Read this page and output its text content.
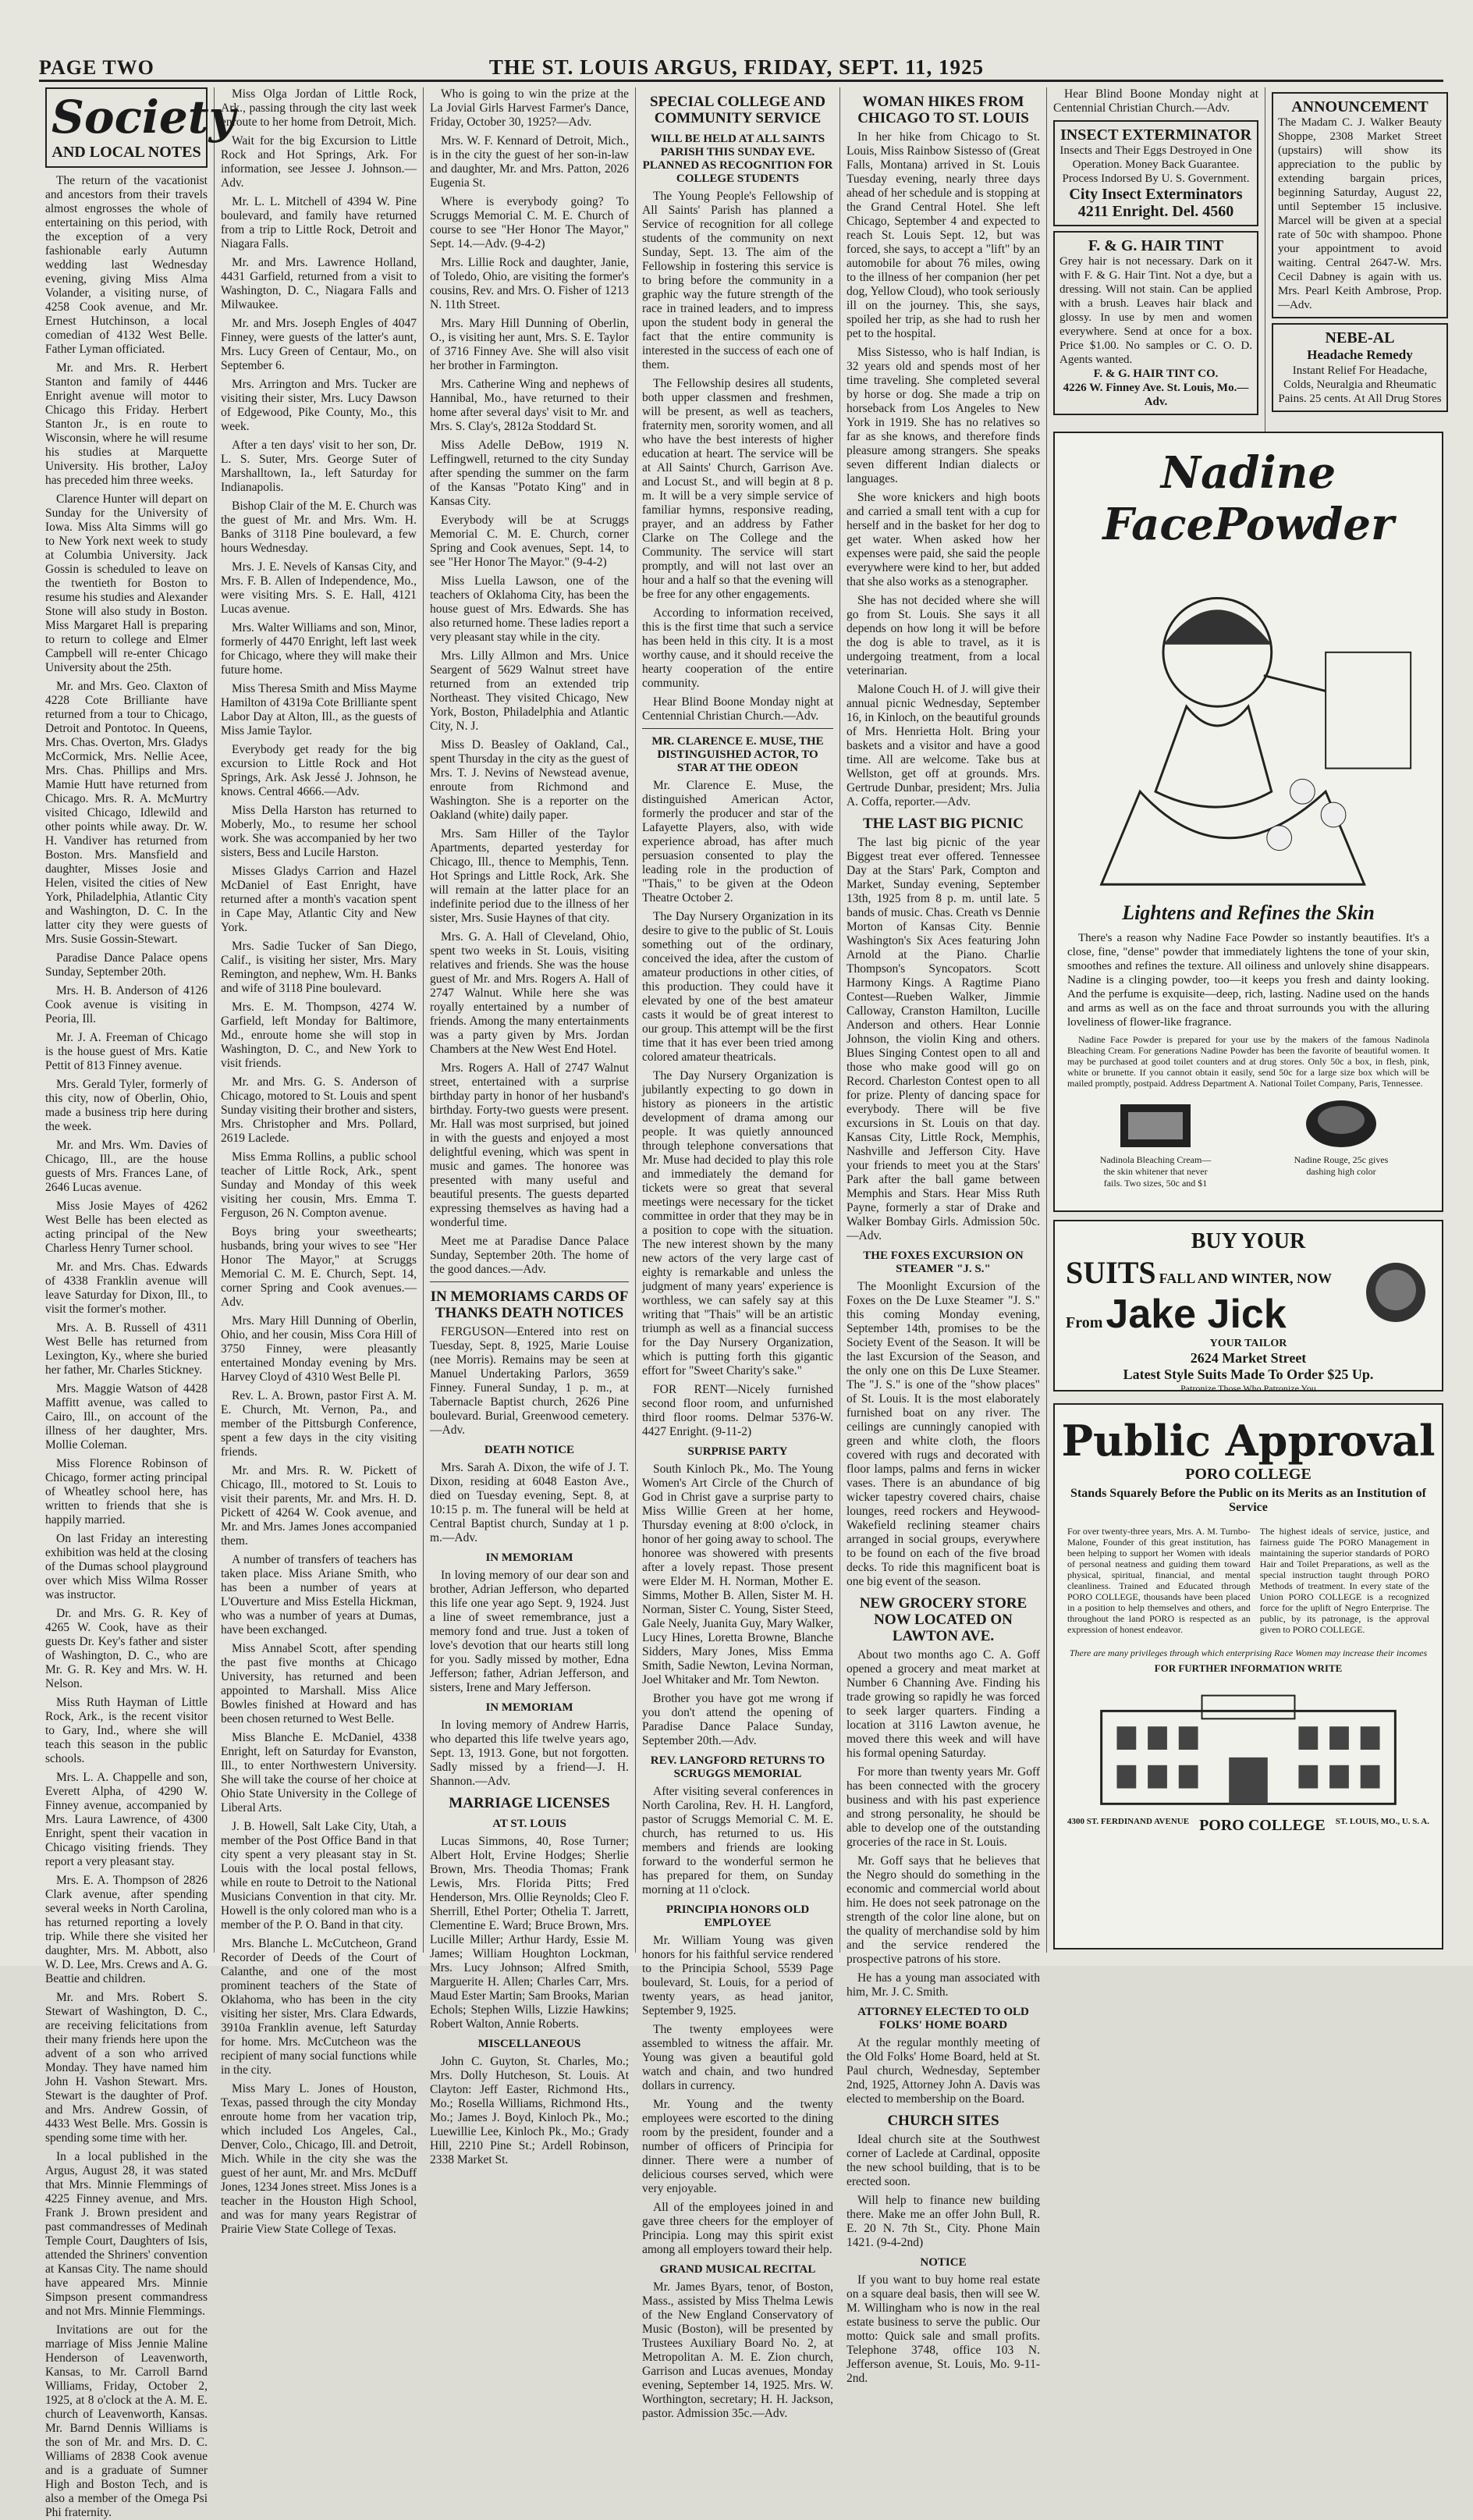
PAGE TWO	THE ST. LOUIS ARGUS, FRIDAY, SEPT. 11, 1925
Society
AND LOCAL NOTES

The return of the vacationist and ancestors from their travels almost engrosses the whole of entertaining on this period, with the exception of a very fashionable early Autumn wedding last Wednesday evening, giving Miss Alma Volander, a visiting nurse, of 4258 Cook avenue, and Mr. Ernest Hutchinson, a local comedian of 4132 West Belle. Father Lyman officiated.

Mr. and Mrs. R. Herbert Stanton and family of 4446 Enright avenue will motor to Chicago this Friday. Herbert Stanton Jr., is en route to Wisconsin, where he will resume his studies at Marquette University. His brother, LaJoy has preceded him three weeks.

Clarence Hunter will depart on Sunday for the University of Iowa. Miss Alta Simms will go to New York next week to study at Columbia University. Jack Gossin is scheduled to leave on the twentieth for Boston to resume his studies and Alexander Stone will also study in Boston. Miss Margaret Hall is preparing to return to college and Elmer Campbell will re-enter Chicago University about the 25th.

Mr. and Mrs. Geo. Claxton of 4228 Cote Brilliante have returned from a tour to Chicago, Detroit and Pontotoc. In Queens, Mrs. Chas. Overton, Mrs. Gladys McCormick, Mrs. Nellie Acee, Mrs. Chas. Phillips and Mrs. Mamie Hutt have returned from Chicago. Mrs. R. A. McMurtry visited Chicago, Idlewild and other points while away. Dr. W. H. Vandiver has returned from Boston. Mrs. Mansfield and daughter, Misses Josie and Helen, visited the cities of New York, Philadelphia, Atlantic City and Washington, D. C. In the latter city they were guests of Mrs. Susie Gossin-Stewart.

Paradise Dance Palace opens Sunday, September 20th.

Mrs. H. B. Anderson of 4126 Cook avenue is visiting in Peoria, Ill.

Mr. J. A. Freeman of Chicago is the house guest of Mrs. Katie Pettit of 813 Finney avenue.

Mrs. Gerald Tyler, formerly of this city, now of Oberlin, Ohio, made a business trip here during the week.

Mr. and Mrs. Wm. Davies of Chicago, Ill., are the house guests of Mrs. Frances Lane, of 2646 Lucas avenue.

Miss Josie Mayes of 4262 West Belle has been elected as acting principal of the New Charless Henry Turner school.

Mr. and Mrs. Chas. Edwards of 4338 Franklin avenue will leave Saturday for Dixon, Ill., to visit the former's mother.

Mrs. A. B. Russell of 4311 West Belle has returned from Lexington, Ky., where she buried her father, Mr. Charles Stickney.

Mrs. Maggie Watson of 4428 Maffitt avenue, was called to Cairo, Ill., on account of the illness of her daughter, Mrs. Mollie Coleman.

Miss Florence Robinson of Chicago, former acting principal of Wheatley school here, has written to friends that she is happily married.

On last Friday an interesting exhibition was held at the closing of the Dumas school playground over which Miss Wilma Rosser was instructor.

Dr. and Mrs. G. R. Key of 4265 W. Cook, have as their guests Dr. Key's father and sister of Washington, D. C., who are Mr. G. R. Key and Mrs. W. H. Nelson.

Miss Ruth Hayman of Little Rock, Ark., is the recent visitor to Gary, Ind., where she will teach this season in the public schools.

Mrs. L. A. Chappelle and son, Everett Alpha, of 4290 W. Finney avenue, accompanied by Mrs. Laura Lawrence, of 4300 Enright, spent their vacation in Chicago visiting friends. They report a very pleasant stay.

Mrs. E. A. Thompson of 2826 Clark avenue, after spending several weeks in North Carolina, has returned reporting a lovely trip. While there she visited her daughter, Mrs. M. Abbott, also W. D. Lee, Mrs. Crews and A. G. Beattie and children.

Mr. and Mrs. Robert S. Stewart of Washington, D. C., are receiving felicitations from their many friends here upon the advent of a son who arrived Monday. They have named him John H. Vashon Stewart. Mrs. Stewart is the daughter of Prof. and Mrs. Andrew Gossin, of 4433 West Belle. Mrs. Gossin is spending some time with her.

In a local published in the Argus, August 28, it was stated that Mrs. Minnie Flemmings of 4225 Finney avenue, and Mrs. Frank J. Brown president and past commandresses of Medinah Temple Court, Daughters of Isis, attended the Shriners' convention at Kansas City. The name should have appeared Mrs. Minnie Simpson present commandress and not Mrs. Minnie Flemmings.

Invitations are out for the marriage of Miss Jennie Maline Henderson of Leavenworth, Kansas, to Mr. Carroll Barnd Williams, Friday, October 2, 1925, at 8 o'clock at the A. M. E. church of Leavenworth, Kansas. Mr. Barnd Dennis Williams is the son of Mr. and Mrs. D. C. Williams of 2838 Cook avenue and is a graduate of Sumner High and Boston Tech, and is also a member of the Omega Psi Phi fraternity.

Miss Olga Jordan of Little Rock, Ark., passing through the city last week enroute to her home from Detroit, Mich.

Wait for the big Excursion to Little Rock and Hot Springs, Ark. For information, see Jessee J. Johnson.—Adv.

Mr. L. L. Mitchell of 4394 W. Pine boulevard, and family have returned from a trip to Little Rock, Detroit and Niagara Falls.

Mr. and Mrs. Lawrence Holland, 4431 Garfield, returned from a visit to Washington, D. C., Niagara Falls and Milwaukee.

Mr. and Mrs. Joseph Engles of 4047 Finney, were guests of the latter's aunt, Mrs. Lucy Green of Centaur, Mo., on September 6.

Mrs. Arrington and Mrs. Tucker are visiting their sister, Mrs. Lucy Dawson of Edgewood, Pike County, Mo., this week.

After a ten days' visit to her son, Dr. L. S. Suter, Mrs. George Suter of Marshalltown, Ia., left Saturday for Indianapolis.

Bishop Clair of the M. E. Church was the guest of Mr. and Mrs. Wm. H. Banks of 3118 Pine boulevard, a few hours Wednesday.

Mrs. J. E. Nevels of Kansas City, and Mrs. F. B. Allen of Independence, Mo., were visiting Mrs. S. E. Hall, 4121 Lucas avenue.

Mrs. Walter Williams and son, Minor, formerly of 4470 Enright, left last week for Chicago, where they will make their future home.

Miss Theresa Smith and Miss Mayme Hamilton of 4319a Cote Brilliante spent Labor Day at Alton, Ill., as the guests of Miss Jamie Taylor.

Everybody get ready for the big excursion to Little Rock and Hot Springs, Ark. Ask Jessé J. Johnson, he knows. Central 4666.—Adv.

Miss Della Harston has returned to Moberly, Mo., to resume her school work. She was accompanied by her two sisters, Bess and Lucile Harston.

Misses Gladys Carrion and Hazel McDaniel of East Enright, have returned after a month's vacation spent in Cape May, Atlantic City and New York.

Mrs. Sadie Tucker of San Diego, Calif., is visiting her sister, Mrs. Mary Remington, and nephew, Wm. H. Banks and wife of 3118 Pine boulevard.

Mrs. E. M. Thompson, 4274 W. Garfield, left Monday for Baltimore, Md., enroute home she will stop in Washington, D. C., and New York to visit friends.

Mr. and Mrs. G. S. Anderson of Chicago, motored to St. Louis and spent Sunday visiting their brother and sisters, Mrs. Christopher and Mrs. Pollard, 2619 Laclede.

Miss Emma Rollins, a public school teacher of Little Rock, Ark., spent Sunday and Monday of this week visiting her cousin, Mrs. Emma T. Ferguson, 26 N. Compton avenue.

Boys bring your sweethearts; husbands, bring your wives to see "Her Honor The Mayor," at Scruggs Memorial C. M. E. Church, Sept. 14, corner Spring and Cook avenues.—Adv.

Mrs. Mary Hill Dunning of Oberlin, Ohio, and her cousin, Miss Cora Hill of 3750 Finney, were pleasantly entertained Monday evening by Mrs. Harvey Cloyd of 4310 West Belle Pl.

Rev. L. A. Brown, pastor First A. M. E. Church, Mt. Vernon, Pa., and member of the Pittsburgh Conference, spent a few days in the city visiting friends.

Mr. and Mrs. R. W. Pickett of Chicago, Ill., motored to St. Louis to visit their parents, Mr. and Mrs. H. D. Pickett of 4264 W. Cook avenue, and Mr. and Mrs. James Jones accompanied them.

A number of transfers of teachers has taken place. Miss Ariane Smith, who has been a number of years at L'Ouverture and Miss Estella Hickman, who was a number of years at Dumas, have been exchanged.

Miss Annabel Scott, after spending the past five months at Chicago University, has returned and been appointed to Marshall. Miss Alice Bowles finished at Howard and has been chosen returned to West Belle.

Miss Blanche E. McDaniel, 4338 Enright, left on Saturday for Evanston, Ill., to enter Northwestern University. She will take the course of her choice at Ohio State University in the College of Liberal Arts.

J. B. Howell, Salt Lake City, Utah, a member of the Post Office Band in that city spent a very pleasant stay in St. Louis with the local postal fellows, while en route to Detroit to the National Musicians Convention in that city. Mr. Howell is the only colored man who is a member of the P. O. Band in that city.

Mrs. Blanche L. McCutcheon, Grand Recorder of Deeds of the Court of Calanthe, and one of the most prominent teachers of the State of Oklahoma, who has been in the city visiting her sister, Mrs. Clara Edwards, 3910a Franklin avenue, left Saturday for home. Mrs. McCutcheon was the recipient of many social functions while in the city.

Miss Mary L. Jones of Houston, Texas, passed through the city Monday enroute home from her vacation trip, which included Los Angeles, Cal., Denver, Colo., Chicago, Ill. and Detroit, Mich. While in the city she was the guest of her aunt, Mr. and Mrs. McDuff Jones, 1234 Jones street. Miss Jones is a teacher in the Houston High School, and was for many years Registrar of Prairie View State College of Texas.

Who is going to win the prize at the La Jovial Girls Harvest Farmer's Dance, Friday, October 30, 1925?—Adv.

Mrs. W. F. Kennard of Detroit, Mich., is in the city the guest of her son-in-law and daughter, Mr. and Mrs. Patton, 2026 Eugenia St.

Where is everybody going? To Scruggs Memorial C. M. E. Church of course to see "Her Honor The Mayor," Sept. 14.—Adv. (9-4-2)

Mrs. Lillie Rock and daughter, Janie, of Toledo, Ohio, are visiting the former's cousins, Rev. and Mrs. O. Fisher of 1213 N. 11th Street.

Mrs. Mary Hill Dunning of Oberlin, O., is visiting her aunt, Mrs. S. E. Taylor of 3716 Finney Ave. She will also visit her brother in Farmington.

Mrs. Catherine Wing and nephews of Hannibal, Mo., have returned to their home after several days' visit to Mr. and Mrs. S. Clay's, 2812a Stoddard St.

Miss Adelle DeBow, 1919 N. Leffingwell, returned to the city Sunday after spending the summer on the farm of the Kansas "Potato King" and in Kansas City.

Everybody will be at Scruggs Memorial C. M. E. Church, corner Spring and Cook avenues, Sept. 14, to see "Her Honor The Mayor." (9-4-2)

Miss Luella Lawson, one of the teachers of Oklahoma City, has been the house guest of Mrs. Edwards. She has also returned home. These ladies report a very pleasant stay while in the city.

Mrs. Lilly Allmon and Mrs. Unice Seargent of 5629 Walnut street have returned from an extended trip Northeast. They visited Chicago, New York, Boston, Philadelphia and Atlantic City, N. J.

Miss D. Beasley of Oakland, Cal., spent Thursday in the city as the guest of Mrs. T. J. Nevins of Newstead avenue, enroute from Richmond and Washington. She is a reporter on the Oakland (white) daily paper.

Mrs. Sam Hiller of the Taylor Apartments, departed yesterday for Chicago, Ill., thence to Memphis, Tenn. Hot Springs and Little Rock, Ark. She will remain at the latter place for an indefinite period due to the illness of her sister, Mrs. Susie Haynes of that city.

Mrs. G. A. Hall of Cleveland, Ohio, spent two weeks in St. Louis, visiting relatives and friends. She was the house guest of Mr. and Mrs. Rogers A. Hall of 2747 Walnut. While here she was royally entertained by a number of friends. Among the many entertainments was a party given by Mrs. Jordan Chambers at the New West End Hotel.

Mrs. Rogers A. Hall of 2747 Walnut street, entertained with a surprise birthday party in honor of her husband's birthday. Forty-two guests were present. Mr. Hall was most surprised, but joined in with the guests and enjoyed a most delightful evening, which was spent in music and games. The honoree was presented with many useful and beautiful presents. The guests departed expressing themselves as having had a wonderful time.

Meet me at Paradise Dance Palace Sunday, September 20th. The home of the good dances.—Adv.

IN MEMORIAMS CARDS OF THANKS DEATH NOTICES

FERGUSON—Entered into rest on Tuesday, Sept. 8, 1925, Marie Louise (nee Morris). Remains may be seen at Manuel Undertaking Parlors, 3659 Finney. Funeral Sunday, 1 p. m., at Tabernacle Baptist church, 2626 Pine boulevard. Burial, Greenwood cemetery.—Adv.

DEATH NOTICE

Mrs. Sarah A. Dixon, the wife of J. T. Dixon, residing at 6048 Easton Ave., died on Tuesday evening, Sept. 8, at 10:15 p. m. The funeral will be held at Central Baptist church, Sunday at 1 p. m.—Adv.

IN MEMORIAM

In loving memory of our dear son and brother, Adrian Jefferson, who departed this life one year ago Sept. 9, 1924. Just a line of sweet remembrance, just a memory fond and true. Just a token of love's devotion that our hearts still long for you. Sadly missed by mother, Edna Jefferson; father, Adrian Jefferson, and sisters, Irene and Mary Jefferson.

IN MEMORIAM

In loving memory of Andrew Harris, who departed this life twelve years ago, Sept. 13, 1913. Gone, but not forgotten. Sadly missed by a friend—J. H. Shannon.—Adv.

MARRIAGE LICENSES
AT ST. LOUIS

Lucas Simmons, 40, Rose Turner; Albert Holt, Ervine Hodges; Sherlie Brown, Mrs. Theodia Thomas; Frank Lewis, Mrs. Florida Pitts; Fred Henderson, Mrs. Ollie Reynolds; Cleo F. Sherrill, Ethel Porter; Othelia T. Jarrett, Clementine E. Ward; Bruce Brown, Mrs. Lucille Miller; Arthur Hardy, Essie M. James; William Houghton Lockman, Mrs. Lucy Johnson; Alfred Smith, Marguerite H. Allen; Charles Carr, Mrs. Maud Ester Martin; Sam Brooks, Marian Echols; Stephen Wills, Lizzie Hawkins; Robert Walton, Annie Roberts.

MISCELLANEOUS

John C. Guyton, St. Charles, Mo.; Mrs. Dolly Hutcheson, St. Louis. At Clayton: Jeff Easter, Richmond Hts., Mo.; Rosella Williams, Richmond Hts., Mo.; James J. Boyd, Kinloch Pk., Mo.; Luewillie Lee, Kinloch Pk., Mo.; Grady Hill, 2210 Pine St.; Ardell Robinson, 2338 Market St.

SPECIAL COLLEGE AND COMMUNITY SERVICE
WILL BE HELD AT ALL SAINTS PARISH THIS SUNDAY EVE. PLANNED AS RECOGNITION FOR COLLEGE STUDENTS

The Young People's Fellowship of All Saints' Parish has planned a Service of recognition for all college students of the community on next Sunday, Sept. 13. The aim of the Fellowship in fostering this service is to bring before the community in a graphic way the future strength of the race in trained leaders, and to impress upon the student body in general the fact that the entire community is interested in the success of each one of them.

The Fellowship desires all students, both upper classmen and freshmen, will be present, as well as teachers, fraternity men, sorority women, and all who have the best interests of higher education at heart. The service will be at All Saints' Church, Garrison Ave. and Locust St., and will begin at 8 p. m. It will be a very simple service of familiar hymns, responsive reading, prayer, and an address by Father Clarke on The College and the Community. The service will start promptly, and will not last over an hour and a half so that the evening will be free for any other engagements.

According to information received, this is the first time that such a service has been held in this city. It is a most worthy cause, and it should receive the hearty cooperation of the entire community.

Hear Blind Boone Monday night at Centennial Christian Church.—Adv.

MR. CLARENCE E. MUSE, THE DISTINGUISHED ACTOR, TO STAR AT THE ODEON

Mr. Clarence E. Muse, the distinguished American Actor, formerly the producer and star of the Lafayette Players, also, with wide experience abroad, has after much persuasion consented to play the leading role in the production of "Thais," to be given at the Odeon Theatre October 2.

The Day Nursery Organization in its desire to give to the public of St. Louis something out of the ordinary, conceived the idea, after the custom of amateur productions in other cities, of this production. They could have it elevated by one of the best amateur casts it would be of great interest to our group. This attempt will be the first time that it has ever been tried among colored amateur theatricals.

The Day Nursery Organization is jubilantly expecting to go down in history as pioneers in the artistic development of drama among our people. It was quietly announced through telephone conversations that Mr. Muse had decided to play this role and immediately the demand for tickets were so great that several meetings were necessary for the ticket committee in order that they may be in a position to cope with the situation. The new interest shown by the many new actors of the very large cast of eighty is remarkable and unless the judgment of many years' experience is worthless, we can safely say at this writing that "Thais" will be an artistic triumph as well as a financial success for the Day Nursery Organization, which is putting forth this gigantic effort for "Sweet Charity's sake."

FOR RENT—Nicely furnished second floor room, and unfurnished third floor rooms. Delmar 5376-W. 4427 Enright. (9-11-2)

SURPRISE PARTY

South Kinloch Pk., Mo. The Young Women's Art Circle of the Church of God in Christ gave a surprise party to Miss Willie Green at her home, Thursday evening at 8:00 o'clock, in honor of her going away to school. The honoree was showered with presents after a lovely repast. Those present were Elder M. H. Norman, Mother E. Simms, Mother B. Allen, Sister M. H. Norman, Sister C. Young, Sister Steed, Gale Neely, Juanita Guy, Mary Walker, Lucy Hines, Loretta Browne, Blanche Sidders, Mary Jones, Miss Emma Smith, Sadie Newton, Levina Norman, Joel Whitaker and Mr. Tom Newton.

Brother you have got me wrong if you don't attend the opening of Paradise Dance Palace Sunday, September 20th.—Adv.

REV. LANGFORD RETURNS TO SCRUGGS MEMORIAL

After visiting several conferences in North Carolina, Rev. H. H. Langford, pastor of Scruggs Memorial C. M. E. church, has returned to us. His members and friends are looking forward to the wonderful sermon he has prepared for them, on Sunday morning at 11 o'clock.

PRINCIPIA HONORS OLD EMPLOYEE

Mr. William Young was given honors for his faithful service rendered to the Principia School, 5539 Page boulevard, St. Louis, for a period of twenty years, as head janitor, September 9, 1925.

The twenty employees were assembled to witness the affair. Mr. Young was given a beautiful gold watch and chain, and two hundred dollars in currency.

Mr. Young and the twenty employees were escorted to the dining room by the president, founder and a number of officers of Principia for dinner. There were a number of delicious courses served, which were very enjoyable.

All of the employees joined in and gave three cheers for the employer of Principia. Long may this spirit exist among all employers toward their help.

GRAND MUSICAL RECITAL

Mr. James Byars, tenor, of Boston, Mass., assisted by Miss Thelma Lewis of the New England Conservatory of Music (Boston), will be presented by Trustees Auxiliary Board No. 2, at Metropolitan A. M. E. Zion church, Garrison and Lucas avenues, Monday evening, September 14, 1925. Mrs. W. Worthington, secretary; H. H. Jackson, pastor. Admission 35c.—Adv.

WOMAN HIKES FROM CHICAGO TO ST. LOUIS

In her hike from Chicago to St. Louis, Miss Rainbow Sistesso of (Great Falls, Montana) arrived in St. Louis Tuesday evening, nearly three days ahead of her schedule and is stopping at the Grand Central Hotel. She left Chicago, September 4 and expected to reach St. Louis Sept. 12, but was forced, she says, to accept a "lift" by an automobile for about 76 miles, owing to the illness of her companion (her pet dog, Yellow Cloud), who took seriously ill on the journey. This, she says, spoiled her trip, as she had to rush her pet to the hospital.

Miss Sistesso, who is half Indian, is 32 years old and spends most of her time traveling. She completed several by horse or dog. She made a trip on horseback from Los Angeles to New York in 1919. She has no relatives so far as she knows, and therefore finds pleasure among strangers. She speaks seven different Indian dialects or languages.

She wore knickers and high boots and carried a small tent with a cup for herself and in the basket for her dog to get water. When asked how her expenses were paid, she said the people everywhere were kind to her, but added that she also works as a stenographer.

She has not decided where she will go from St. Louis. She says it all depends on how long it will be before the dog is able to travel, as it is undergoing treatment, from a local veterinarian.

Malone Couch H. of J. will give their annual picnic Wednesday, September 16, in Kinloch, on the beautiful grounds of Mrs. Henrietta Holt. Bring your baskets and a visitor and have a good time. All are welcome. Take bus at Wellston, get off at grounds. Mrs. Gertrude Dunbar, president; Mrs. Julia A. Coffa, reporter.—Adv.

THE LAST BIG PICNIC

The last big picnic of the year Biggest treat ever offered. Tennessee Day at the Stars' Park, Compton and Market, Sunday evening, September 13th, 1925 from 8 p. m. until late. 5 bands of music. Chas. Creath vs Dennie Morton of Kansas City. Bennie Washington's Six Aces featuring John Arnold at the Piano. Charlie Thompson's Syncopators. Scott Harmony Kings. A Ragtime Piano Contest—Rueben Walker, Jimmie Calloway, Cranston Hamilton, Lucille Anderson and others. Hear Lonnie Johnson, the violin King and others. Blues Singing Contest open to all and those who make good will go on Record. Charleston Contest open to all for prize. Plenty of dancing space for everybody. There will be five excursions in St. Louis on that day. Kansas City, Little Rock, Memphis, Nashville and Jefferson City. Have your friends to meet you at the Stars' Park after the ball game between Memphis and Stars. Hear Miss Ruth Payne, formerly a star of Drake and Walker Bombay Girls. Admission 50c.—Adv.

THE FOXES EXCURSION ON STEAMER "J. S."

The Moonlight Excursion of the Foxes on the De Luxe Steamer "J. S." this coming Monday evening, September 14th, promises to be the Society Event of the Season. It will be the last Excursion of the Season, and the only one on this De Luxe Steamer. The "J. S." is one of the "show places" of St. Louis. It is the most elaborately furnished boat on any river. The ceilings are cunningly canopied with green and white cloth, the floors covered with rugs and decorated with floor lamps, palms and ferns in wicker vases. There is an abundance of big wicker tapestry covered chairs, chaise lounges, reed rockers and Heywood-Wakefield reclining steamer chairs arranged in social groups, everywhere to be found on each of the five broad decks. To ride this magnificent boat is one big event of the season.

NEW GROCERY STORE NOW LOCATED ON LAWTON AVE.

About two months ago C. A. Goff opened a grocery and meat market at Number 6 Channing Ave. Finding his trade growing so rapidly he was forced to seek larger quarters. Finding a location at 3116 Lawton avenue, he moved there this week and will have his formal opening Saturday.

For more than twenty years Mr. Goff has been connected with the grocery business and with his past experience and strong personality, he should be able to develop one of the outstanding groceries of the race in St. Louis.

Mr. Goff says that he believes that the Negro should do something in the economic and commercial world about him. He does not seek patronage on the strength of the color line alone, but on the quality of merchandise sold by him and the service rendered the prospective patrons of his store.

He has a young man associated with him, Mr. J. C. Smith.

ATTORNEY ELECTED TO OLD FOLKS' HOME BOARD

At the regular monthly meeting of the Old Folks' Home Board, held at St. Paul church, Wednesday, September 2nd, 1925, Attorney John A. Davis was elected to membership on the Board.

CHURCH SITES

Ideal church site at the Southwest corner of Laclede at Cardinal, opposite the new school building, that is to be erected soon.

Will help to finance new building there. Make me an offer John Bull, R. E. 20 N. 7th St., City. Phone Main 1421. (9-4-2nd)

NOTICE

If you want to buy home real estate on a square deal basis, then will see W. M. Willingham who is now in the real estate business to serve the public. Our motto: Quick sale and small profits. Telephone 3748, office 103 N. Jefferson avenue, St. Louis, Mo. 9-11-2nd.

Hear Blind Boone Monday night at Centennial Christian Church.—Adv.

INSECT EXTERMINATOR
Insects and Their Eggs Destroyed in One Operation. Money Back Guarantee. Process Indorsed By U. S. Government.
City Insect Exterminators
4211 Enright. Del. 4560
F. & G. HAIR TINT
Grey hair is not necessary. Dark on it with F. & G. Hair Tint. Not a dye, but a dressing. Will not stain. Can be applied with a brush. Leaves hair black and glossy. In use by men and women everywhere. Send at once for a box. Price $1.00. No samples or C. O. D. Agents wanted.
F. & G. HAIR TINT CO.
4226 W. Finney Ave. St. Louis, Mo.—Adv.
ANNOUNCEMENT
The Madam C. J. Walker Beauty Shoppe, 2308 Market Street (upstairs) will show its appreciation to the public by extending bargain prices, beginning Saturday, August 22, until September 15 inclusive. Marcel will be given at a special rate of 50c with shampoo. Phone your appointment to avoid waiting. Central 2647-W. Mrs. Cecil Dabney is again with us. Mrs. Pearl Keith Ambrose, Prop.—Adv.
NEBE-AL
Headache Remedy
Instant Relief For Headache, Colds, Neuralgia and Rheumatic Pains. 25 cents. At All Drug Stores
Nadine FacePowder
Lightens and Refines the Skin

There's a reason why Nadine Face Powder so instantly beautifies. It's a close, fine, "dense" powder that immediately lightens the tone of your skin, smoothes and refines the texture. All oiliness and unlovely shine disappears. Nadine is a clinging powder, too—it keeps you fresh and dainty looking. And the perfume is exquisite—deep, rich, lasting. Nadine used on the hands and arms as well as on the face and throat surrounds you with the alluring loveliness of flower-like fragrance.

Nadine Face Powder is prepared for your use by the makers of the famous Nadinola Bleaching Cream. For generations Nadine Powder has been the favorite of beautiful women. It may be purchased at good toilet counters and at drug stores. Only 50c a box, in flesh, pink, white or brunette. If you cannot obtain it easily, send 50c for a large size box which will be mailed promptly, postpaid. Address Department A. National Toilet Company, Paris, Tennessee.

Nadinola Bleaching Cream—the skin whitener that never fails. Two sizes, 50c and $1
Nadine Rouge, 25c gives dashing high color
BUY YOUR
SUITS FALL AND WINTER, NOW
From Jake Jick
YOUR TAILOR
2624 Market Street
Latest Style Suits Made To Order $25 Up.
Patronize Those Who Patronize You
Public Approval
PORO COLLEGE
Stands Squarely Before the Public on its Merits as an Institution of Service

For over twenty-three years, Mrs. A. M. Turnbo-Malone, Founder of this great institution, has been helping to support her Women with ideals of personal neatness and guiding them toward physical, spiritual, financial, and mental cleanliness. Trained and Educated through PORO COLLEGE, thousands have been placed in a position to help themselves and others, and throughout the land PORO is respected as an expression of honest endeavor.

The highest ideals of service, justice, and fairness guide The PORO Management in maintaining the superior standards of PORO Hair and Toilet Preparations, as well as the special instruction taught through PORO Methods of treatment. In every state of the Union PORO COLLEGE is a recognized force for the uplift of Negro Enterprise. The public, by its patronage, is the approval given to PORO COLLEGE.

There are many privileges through which enterprising Race Women may increase their incomes
FOR FURTHER INFORMATION WRITE
4300 ST. FERDINAND AVENUE PORO COLLEGE ST. LOUIS, MO., U. S. A.
